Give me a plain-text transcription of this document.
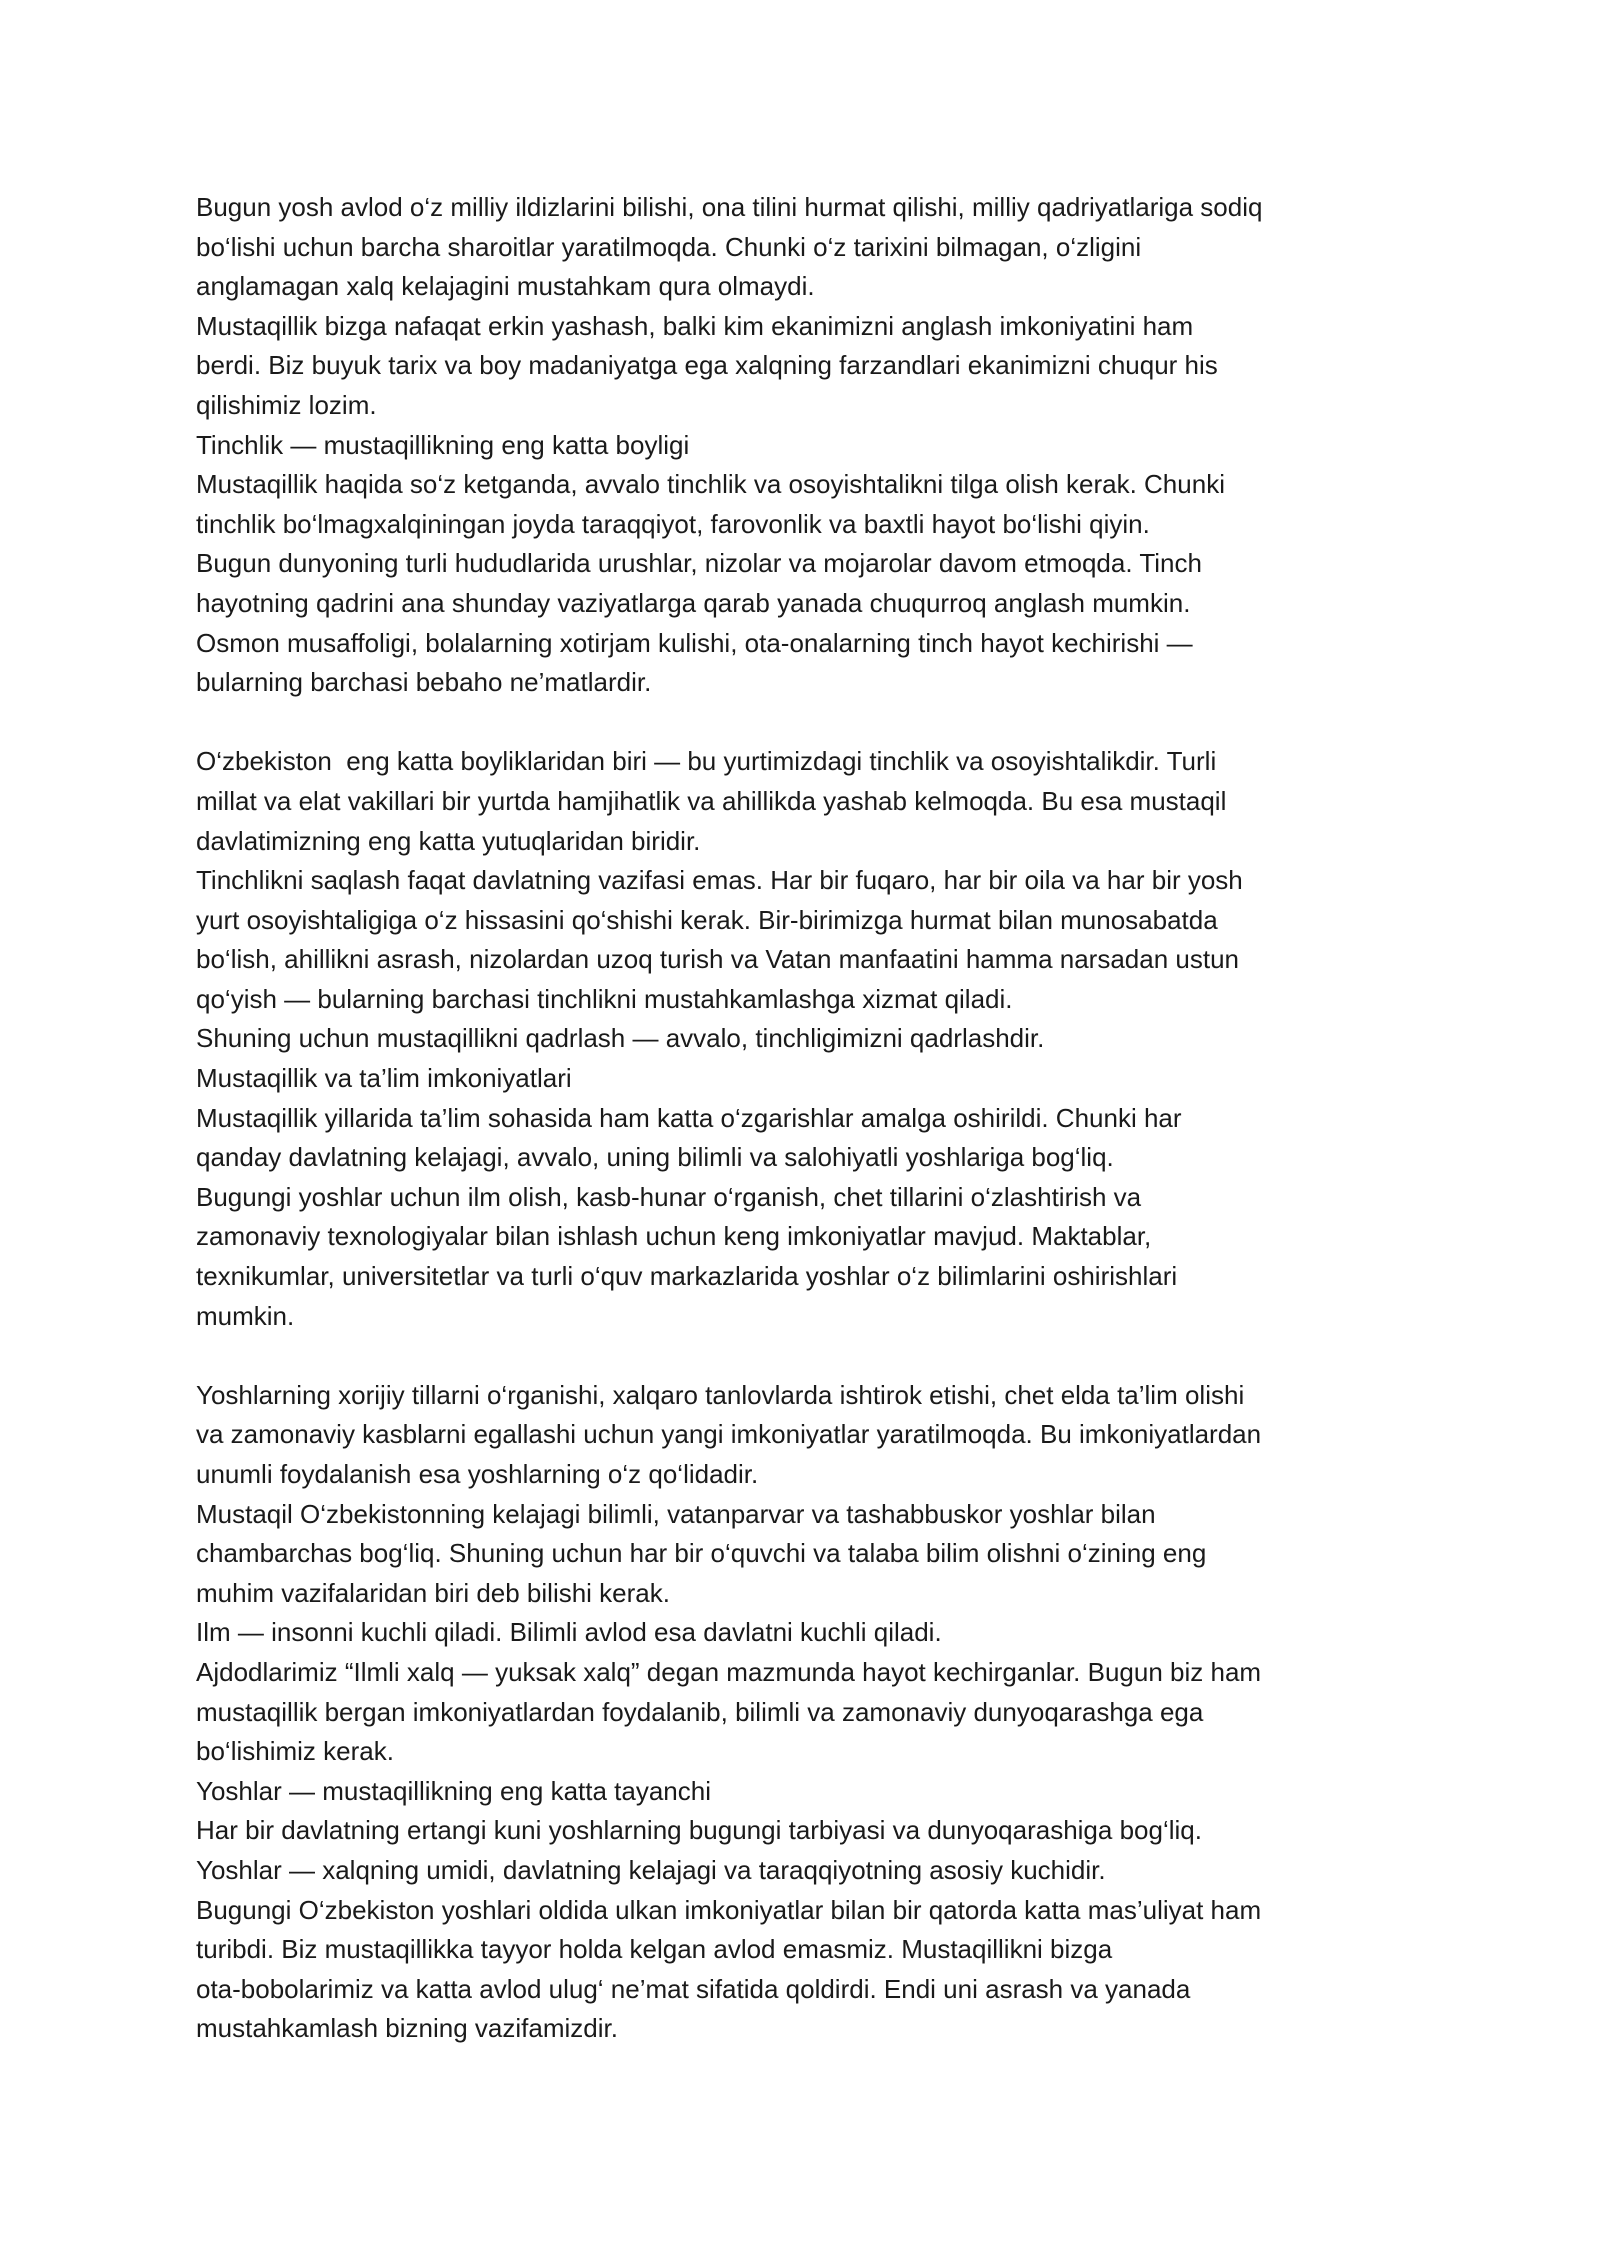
Bugun yosh avlod o‘z milliy ildizlarini bilishi, ona tilini hurmat qilishi, milliy qadriyatlariga sodiq
bo‘lishi uchun barcha sharoitlar yaratilmoqda. Chunki o‘z tarixini bilmagan, o‘zligini
anglamagan xalq kelajagini mustahkam qura olmaydi.
Mustaqillik bizga nafaqat erkin yashash, balki kim ekanimizni anglash imkoniyatini ham
berdi. Biz buyuk tarix va boy madaniyatga ega xalqning farzandlari ekanimizni chuqur his
qilishimiz lozim.
Tinchlik — mustaqillikning eng katta boyligi
Mustaqillik haqida so‘z ketganda, avvalo tinchlik va osoyishtalikni tilga olish kerak. Chunki
tinchlik bo‘lmagxalqiningan joyda taraqqiyot, farovonlik va baxtli hayot bo‘lishi qiyin.
Bugun dunyoning turli hududlarida urushlar, nizolar va mojarolar davom etmoqda. Tinch
hayotning qadrini ana shunday vaziyatlarga qarab yanada chuqurroq anglash mumkin.
Osmon musaffoligi, bolalarning xotirjam kulishi, ota-onalarning tinch hayot kechirishi —
bularning barchasi bebaho ne’matlardir.
O‘zbekiston  eng katta boyliklaridan biri — bu yurtimizdagi tinchlik va osoyishtalikdir. Turli
millat va elat vakillari bir yurtda hamjihatlik va ahillikda yashab kelmoqda. Bu esa mustaqil
davlatimizning eng katta yutuqlaridan biridir.
Tinchlikni saqlash faqat davlatning vazifasi emas. Har bir fuqaro, har bir oila va har bir yosh
yurt osoyishtaligiga o‘z hissasini qo‘shishi kerak. Bir-birimizga hurmat bilan munosabatda
bo‘lish, ahillikni asrash, nizolardan uzoq turish va Vatan manfaatini hamma narsadan ustun
qo‘yish — bularning barchasi tinchlikni mustahkamlashga xizmat qiladi.
Shuning uchun mustaqillikni qadrlash — avvalo, tinchligimizni qadrlashdir.
Mustaqillik va ta’lim imkoniyatlari
Mustaqillik yillarida ta’lim sohasida ham katta o‘zgarishlar amalga oshirildi. Chunki har
qanday davlatning kelajagi, avvalo, uning bilimli va salohiyatli yoshlariga bog‘liq.
Bugungi yoshlar uchun ilm olish, kasb-hunar o‘rganish, chet tillarini o‘zlashtirish va
zamonaviy texnologiyalar bilan ishlash uchun keng imkoniyatlar mavjud. Maktablar,
texnikumlar, universitetlar va turli o‘quv markazlarida yoshlar o‘z bilimlarini oshirishlari
mumkin.
Yoshlarning xorijiy tillarni o‘rganishi, xalqaro tanlovlarda ishtirok etishi, chet elda ta’lim olishi
va zamonaviy kasblarni egallashi uchun yangi imkoniyatlar yaratilmoqda. Bu imkoniyatlardan
unumli foydalanish esa yoshlarning o‘z qo‘lidadir.
Mustaqil O‘zbekistonning kelajagi bilimli, vatanparvar va tashabbuskor yoshlar bilan
chambarchas bog‘liq. Shuning uchun har bir o‘quvchi va talaba bilim olishni o‘zining eng
muhim vazifalaridan biri deb bilishi kerak.
Ilm — insonni kuchli qiladi. Bilimli avlod esa davlatni kuchli qiladi.
Ajdodlarimiz “Ilmli xalq — yuksak xalq” degan mazmunda hayot kechirganlar. Bugun biz ham
mustaqillik bergan imkoniyatlardan foydalanib, bilimli va zamonaviy dunyoqarashga ega
bo‘lishimiz kerak.
Yoshlar — mustaqillikning eng katta tayanchi
Har bir davlatning ertangi kuni yoshlarning bugungi tarbiyasi va dunyoqarashiga bog‘liq.
Yoshlar — xalqning umidi, davlatning kelajagi va taraqqiyotning asosiy kuchidir.
Bugungi O‘zbekiston yoshlari oldida ulkan imkoniyatlar bilan bir qatorda katta mas’uliyat ham
turibdi. Biz mustaqillikka tayyor holda kelgan avlod emasmiz. Mustaqillikni bizga
ota-bobolarimiz va katta avlod ulug‘ ne’mat sifatida qoldirdi. Endi uni asrash va yanada
mustahkamlash bizning vazifamizdir.
